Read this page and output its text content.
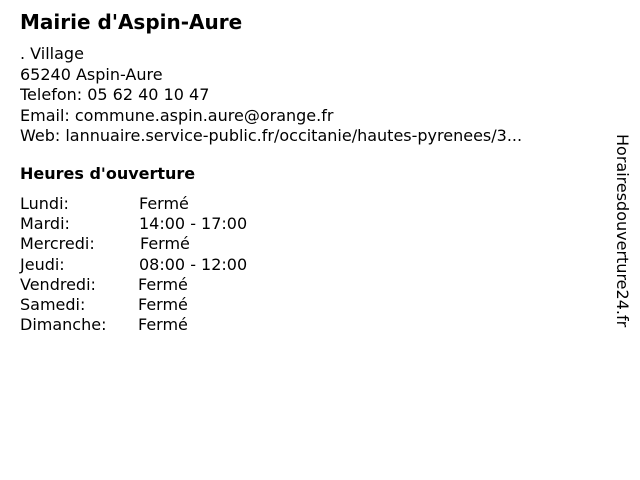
Mairie d'Aspin-Aure
. Village
65240 Aspin-Aure
Telefon: 05 62 40 10 47
Email: commune.aspin.aure@orange.fr
Web: lannuaire.service-public.fr/occitanie/hautes-pyrenees/3...
Heures d'ouverture
Lundi:	Fermé
Mardi:	14:00 - 17:00
Mercredi:	Fermé
Jeudi:	08:00 - 12:00
Vendredi:	Fermé
Samedi:	Fermé
Dimanche: Fermé	Horairesdouverture24.fr
